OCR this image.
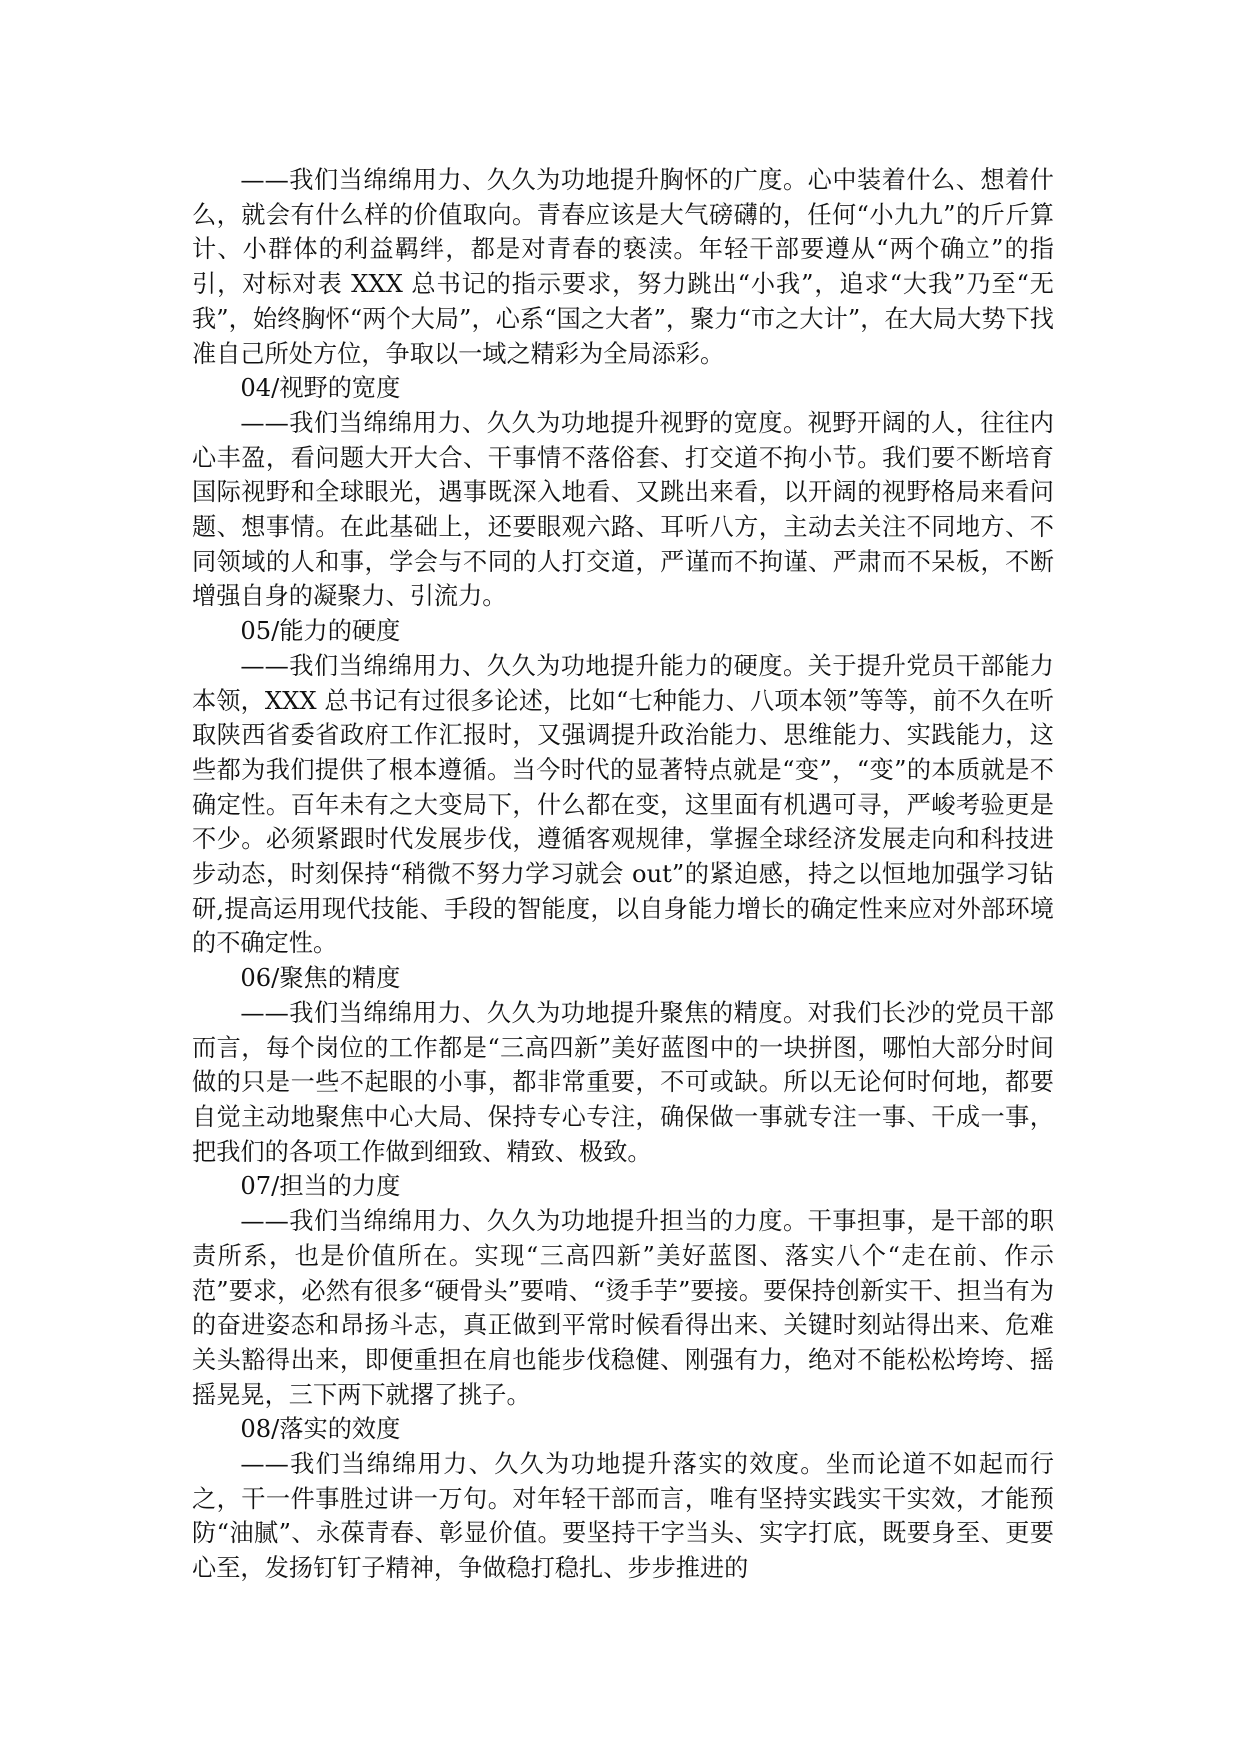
——我们当绵绵用力、久久为功地提升胸怀的广度。心中装着什么、想着什么，就会有什么样的价值取向。青春应该是大气磅礴的，任何“小九九”的斤斤算计、小群体的利益羁绊，都是对青春的亵渎。年轻干部要遵从“两个确立”的指引，对标对表 XXX 总书记的指示要求，努力跳出“小我”，追求“大我”乃至“无我”，始终胸怀“两个大局”，心系“国之大者”，聚力“市之大计”，在大局大势下找准自己所处方位，争取以一域之精彩为全局添彩。

04/视野的宽度

——我们当绵绵用力、久久为功地提升视野的宽度。视野开阔的人，往往内心丰盈，看问题大开大合、干事情不落俗套、打交道不拘小节。我们要不断培育国际视野和全球眼光，遇事既深入地看、又跳出来看，以开阔的视野格局来看问题、想事情。在此基础上，还要眼观六路、耳听八方，主动去关注不同地方、不同领域的人和事，学会与不同的人打交道，严谨而不拘谨、严肃而不呆板，不断增强自身的凝聚力、引流力。

05/能力的硬度

——我们当绵绵用力、久久为功地提升能力的硬度。关于提升党员干部能力本领，XXX 总书记有过很多论述，比如“七种能力、八项本领”等等，前不久在听取陕西省委省政府工作汇报时，又强调提升政治能力、思维能力、实践能力，这些都为我们提供了根本遵循。当今时代的显著特点就是“变”，“变”的本质就是不确定性。百年未有之大变局下，什么都在变，这里面有机遇可寻，严峻考验更是不少。必须紧跟时代发展步伐，遵循客观规律，掌握全球经济发展走向和科技进步动态，时刻保持“稍微不努力学习就会 out”的紧迫感，持之以恒地加强学习钻研,提高运用现代技能、手段的智能度，以自身能力增长的确定性来应对外部环境的不确定性。

06/聚焦的精度

——我们当绵绵用力、久久为功地提升聚焦的精度。对我们长沙的党员干部而言，每个岗位的工作都是“三高四新”美好蓝图中的一块拼图，哪怕大部分时间做的只是一些不起眼的小事，都非常重要，不可或缺。所以无论何时何地，都要自觉主动地聚焦中心大局、保持专心专注，确保做一事就专注一事、干成一事，把我们的各项工作做到细致、精致、极致。

07/担当的力度

——我们当绵绵用力、久久为功地提升担当的力度。干事担事，是干部的职责所系，也是价值所在。实现“三高四新”美好蓝图、落实八个“走在前、作示范”要求，必然有很多“硬骨头”要啃、“烫手芋”要接。要保持创新实干、担当有为的奋进姿态和昂扬斗志，真正做到平常时候看得出来、关键时刻站得出来、危难关头豁得出来，即便重担在肩也能步伐稳健、刚强有力，绝对不能松松垮垮、摇摇晃晃，三下两下就撂了挑子。

08/落实的效度

——我们当绵绵用力、久久为功地提升落实的效度。坐而论道不如起而行之，干一件事胜过讲一万句。对年轻干部而言，唯有坚持实践实干实效，才能预防“油腻”、永葆青春、彰显价值。要坚持干字当头、实字打底，既要身至、更要心至，发扬钉钉子精神，争做稳打稳扎、步步推进的
